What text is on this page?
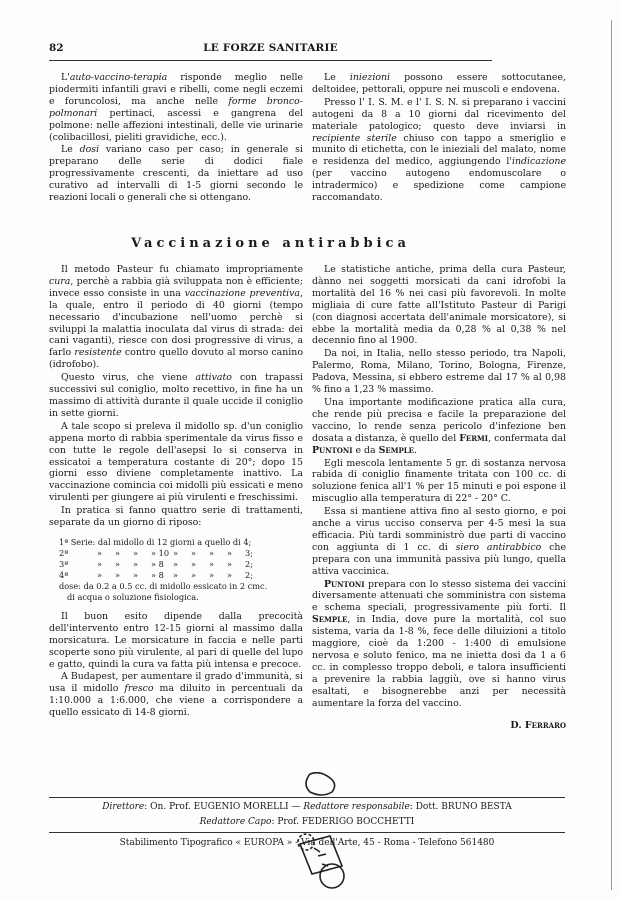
82	LE FORZE SANITARIE

L'auto-vaccino-terapia risponde meglio nelle piodermiti infantili gravi e ribelli, come negli eczemi e foruncolosi, ma anche nelle forme bronco-polmonari pertinaci, ascessi e gangrena del polmone: nelle affezioni intestinali, delle vie urinarie (colibacillosi, pieliti gravidiche, ecc.).

Le dosi variano caso per caso; in generale si preparano delle serie di dodici fiale progressivamente crescenti, da iniettare ad uso curativo ad intervalli di 1-5 giorni secondo le reazioni locali o generali che si ottengano.

Le iniezioni possono essere sottocutanee, deltoidee, pettorali, oppure nei muscoli e endovena.

Presso l' I. S. M. e l' I. S. N. si preparano i vaccini autogeni da 8 a 10 giorni dal ricevimento del materiale patologico; questo deve inviarsi in recipiente sterile chiuso con tappo a smeriglio e munito di etichetta, con le inieziali del malato, nome e residenza del medico, aggiungendo l'indicazione (per vaccino autogeno endomuscolare o intradermico) e spedizione come campione raccomandato.

Vaccinazione antirabbica

Il metodo Pasteur fu chiamato impropriamente cura, perchè a rabbia già sviluppata non è efficiente; invece esso consiste in una vaccinazione preventiva, la quale, entro il periodo di 40 giorni (tempo necessario d'incubazione nell'uomo perchè si sviluppi la malattia inoculata dal virus di strada: dei cani vaganti), riesce con dosi progressive di virus, a farlo resistente contro quello dovuto al morso canino (idrofobo).

Questo virus, che viene attivato con trapassi successivi sul coniglio, molto recettivo, in fine ha un massimo di attività durante il quale uccide il coniglio in sette giorni.

A tale scopo si preleva il midollo sp. d'un coniglio appena morto di rabbia sperimentale da virus fisso e con tutte le regole dell'asepsi lo si conserva in essicatoi a temperatura costante di 20°; dopo 15 giorni esso diviene completamente inattivo. La vaccinazione comincia coi midolli più essicati e meno virulenti per giungere ai più virulenti e freschissimi.

In pratica si fanno quattro serie di trattamenti, separate da un giorno di riposo:

1ª Serie: dal midollo di 12 giorni a quello di 4;
2ª	»	»	»	» 10 »	»	»	»	3;
3ª	»	»	»	» 8	»	»	»	»	2;
4ª	»	»	»	» 8	»	»	»	»	2;
dose: da 0.2 a 0.5 cc. di midollo essicato in 2 cmc.
di acqua o soluzione fisiologica.

Il buon esito dipende dalla precocità dell'intervento entro 12-15 giorni al massimo dalla morsicatura. Le morsicature in faccia e nelle parti scoperte sono più virulente, al pari di quelle del lupo e gatto, quindi la cura va fatta più intensa e precoce.

A Budapest, per aumentare il grado d'immunità, si usa il midollo fresco ma diluito in percentuali da 1:10.000 a 1:6.000, che viene a corrispondere a quello essicato di 14-8 giorni.

Le statistiche antiche, prima della cura Pasteur, dànno nei soggetti morsicati da cani idrofobi la mortalità del 16 % nei casi più favorevoli. In molte migliaia di cure fatte all'Istituto Pasteur di Parigi (con diagnosi accertata dell'animale morsicatore), si ebbe la mortalità media da 0,28 % al 0,38 % nel decennio fino al 1900.

Da noi, in Italia, nello stesso periodo, tra Napoli, Palermo, Roma, Milano, Torino, Bologna, Firenze, Padova, Messina, si ebbero estreme dal 17 % al 0,98 % fino a 1,23 % massimo.

Una importante modificazione pratica alla cura, che rende più precisa e facile la preparazione del vaccino, lo rende senza pericolo d'infezione ben dosata a distanza, è quello del Fermi, confermata dal Puntoni e da Semple.

Egli mescola lentamente 5 gr. di sostanza nervosa rabida di coniglio finamente tritata con 100 cc. di soluzione fenica all'1 % per 15 minuti e poi espone il miscuglio alla temperatura di 22° - 20° C.

Essa si mantiene attiva fino al sesto giorno, e poi anche a virus ucciso conserva per 4-5 mesi la sua efficacia. Più tardi somministrò due parti di vaccino con aggiunta di 1 cc. di siero antirabbico che prepara con una immunità passiva più lungo, quella attiva vaccinica.

Puntoni prepara con lo stesso sistema dei vaccini diversamente attenuati che somministra con sistema e schema speciali, progressivamente più forti. Il Semple, in India, dove pure la mortalità, col suo sistema, varia da 1-8 %, fece delle diluizioni a titolo maggiore, cioè da 1:200 - 1:400 di emulsione nervosa e soluto fenico, ma ne iniettа dosi da 1 a 6 cc. in complesso troppo deboli, e talora insufficienti a prevenire la rabbia laggiù, ove si hanno virus esaltati, e bisognerebbe anzi per necessità aumentare la forza del vaccino.

D. Ferraro
Direttore: On. Prof. EUGENIO MORELLI — Redattore responsabile: Dott. BRUNO BESTA
Redattore Capo: Prof. FEDERIGO BOCCHETTI
Stabilimento Tipografico « EUROPA » - Via dell'Arte, 45 - Roma - Telefono 561480
